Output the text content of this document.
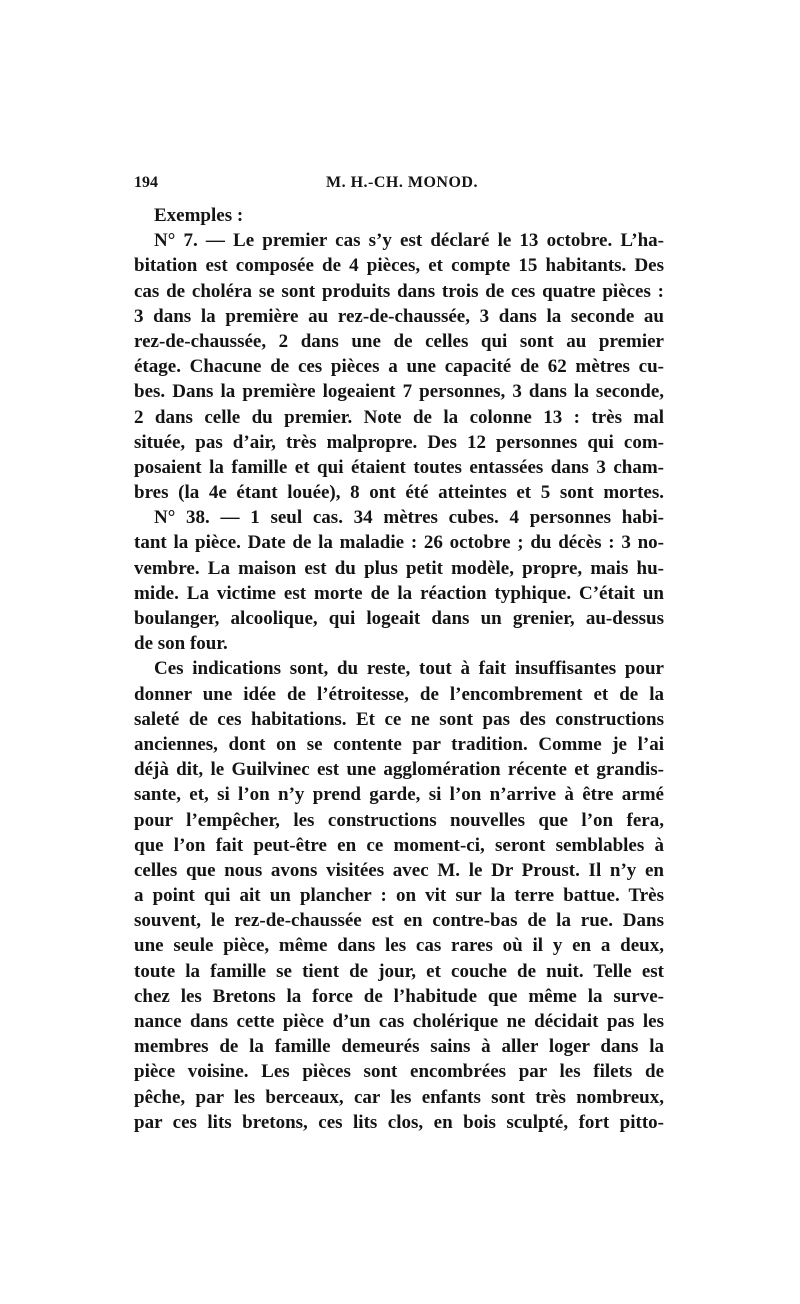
194	M. H.-CH. MONOD.
Exemples :
N° 7. — Le premier cas s’y est déclaré le 13 octobre. L’ha-
bitation est composée de 4 pièces, et compte 15 habitants. Des
cas de choléra se sont produits dans trois de ces quatre pièces :
3 dans la première au rez-de-chaussée, 3 dans la seconde au
rez-de-chaussée, 2 dans une de celles qui sont au premier
étage. Chacune de ces pièces a une capacité de 62 mètres cu-
bes. Dans la première logeaient 7 personnes, 3 dans la seconde,
2 dans celle du premier. Note de la colonne 13 : très mal
située, pas d’air, très malpropre. Des 12 personnes qui com-
posaient la famille et qui étaient toutes entassées dans 3 cham-
bres (la 4e étant louée), 8 ont été atteintes et 5 sont mortes.
N° 38. — 1 seul cas. 34 mètres cubes. 4 personnes habi-
tant la pièce. Date de la maladie : 26 octobre ; du décès : 3 no-
vembre. La maison est du plus petit modèle, propre, mais hu-
mide. La victime est morte de la réaction typhique. C’était un
boulanger, alcoolique, qui logeait dans un grenier, au-dessus
de son four.
Ces indications sont, du reste, tout à fait insuffisantes pour
donner une idée de l’étroitesse, de l’encombrement et de la
saleté de ces habitations. Et ce ne sont pas des constructions
anciennes, dont on se contente par tradition. Comme je l’ai
déjà dit, le Guilvinec est une agglomération récente et grandis-
sante, et, si l’on n’y prend garde, si l’on n’arrive à être armé
pour l’empêcher, les constructions nouvelles que l’on fera,
que l’on fait peut-être en ce moment-ci, seront semblables à
celles que nous avons visitées avec M. le Dr Proust. Il n’y en
a point qui ait un plancher : on vit sur la terre battue. Très
souvent, le rez-de-chaussée est en contre-bas de la rue. Dans
une seule pièce, même dans les cas rares où il y en a deux,
toute la famille se tient de jour, et couche de nuit. Telle est
chez les Bretons la force de l’habitude que même la surve-
nance dans cette pièce d’un cas cholérique ne décidait pas les
membres de la famille demeurés sains à aller loger dans la
pièce voisine. Les pièces sont encombrées par les filets de
pêche, par les berceaux, car les enfants sont très nombreux,
par ces lits bretons, ces lits clos, en bois sculpté, fort pitto-
